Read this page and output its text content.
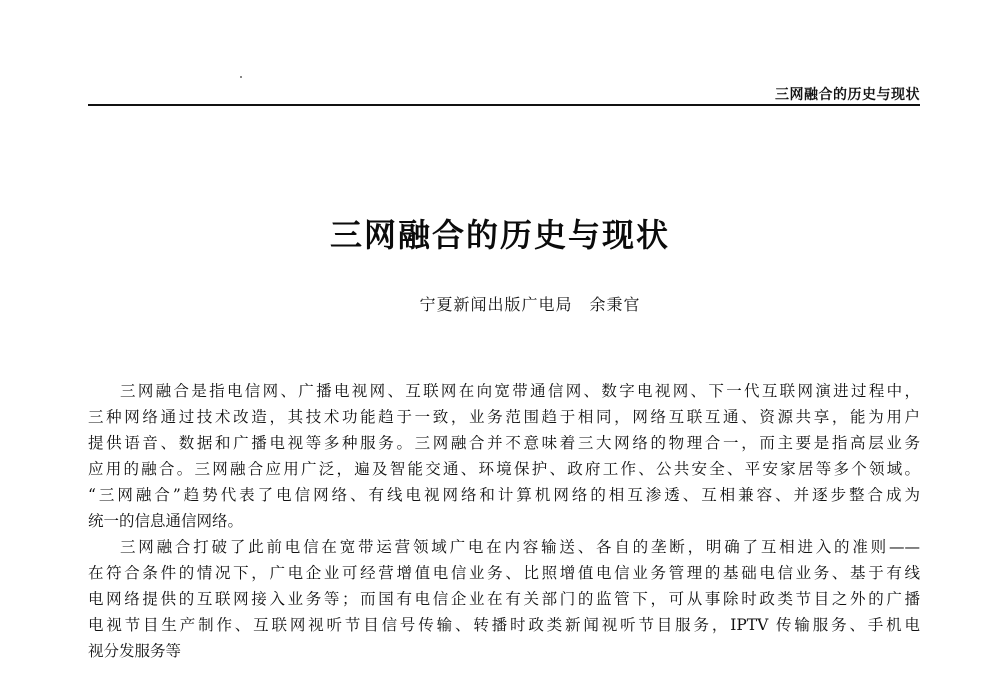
三网融合的历史与现状
三网融合的历史与现状
宁夏新闻出版广电局　余秉官
三网融合是指电信网、广播电视网、互联网在向宽带通信网、数字电视网、下一代互联网演进过程中，
三种网络通过技术改造，其技术功能趋于一致，业务范围趋于相同，网络互联互通、资源共享，能为用户
提供语音、数据和广播电视等多种服务。三网融合并不意味着三大网络的物理合一，而主要是指高层业务
应用的融合。三网融合应用广泛，遍及智能交通、环境保护、政府工作、公共安全、平安家居等多个领域。
“三网融合”趋势代表了电信网络、有线电视网络和计算机网络的相互渗透、互相兼容、并逐步整合成为
统一的信息通信网络。
三网融合打破了此前电信在宽带运营领域广电在内容输送、各自的垄断，明确了互相进入的准则——
在符合条件的情况下，广电企业可经营增值电信业务、比照增值电信业务管理的基础电信业务、基于有线
电网络提供的互联网接入业务等；而国有电信企业在有关部门的监管下，可从事除时政类节目之外的广播
电视节目生产制作、互联网视听节目信号传输、转播时政类新闻视听节目服务，IPTV 传输服务、手机电
视分发服务等
